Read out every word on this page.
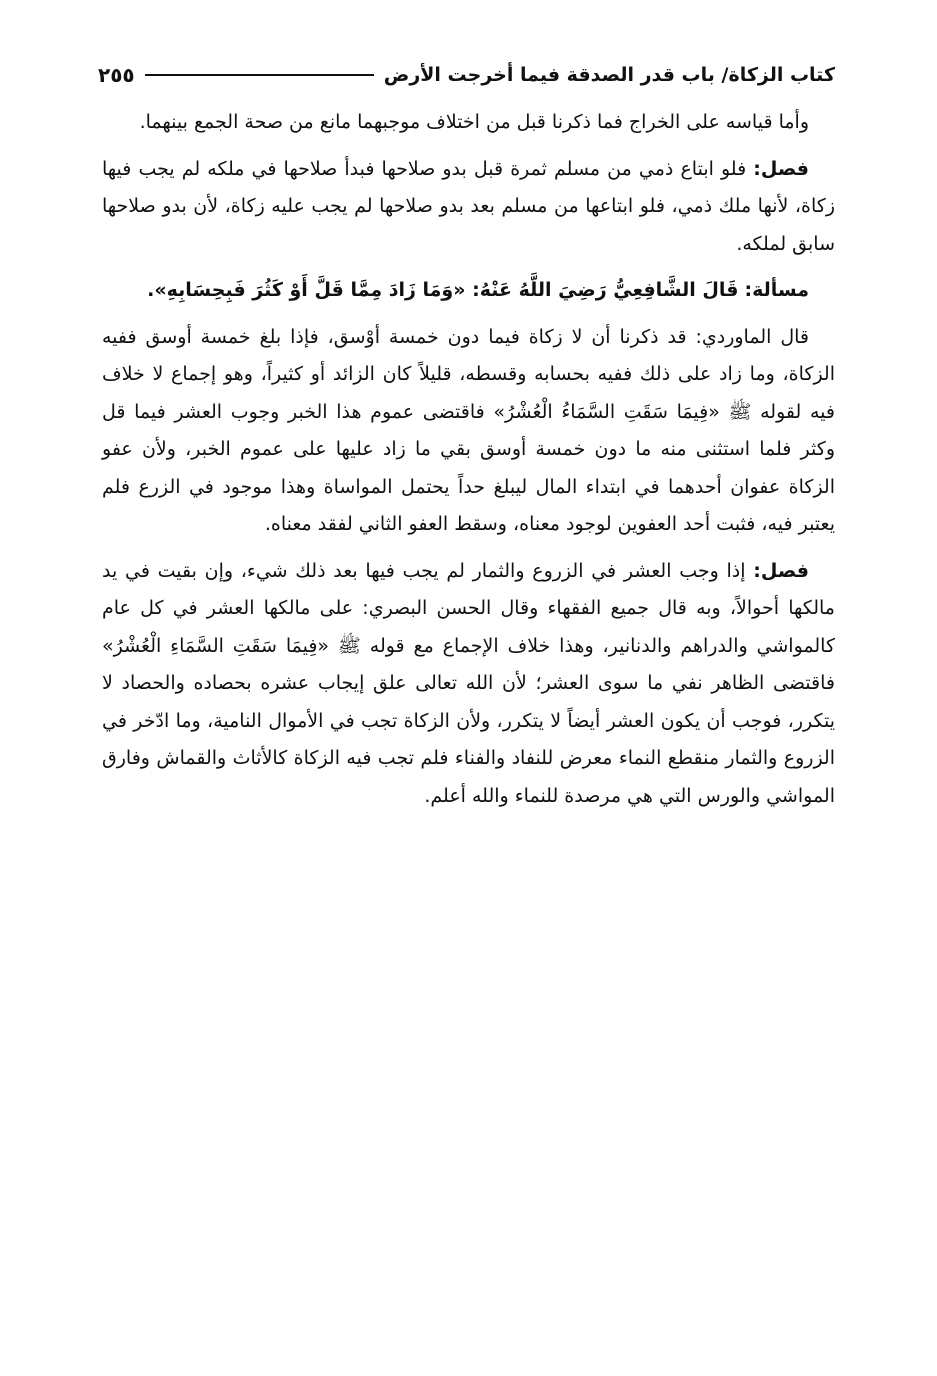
كتاب الزكاة/ باب قدر الصدقة فيما أخرجت الأرض
٢٥٥

وأما قياسه على الخراج فما ذكرنا قبل من اختلاف موجبهما مانع من صحة الجمع بينهما.

فصل: فلو ابتاع ذمي من مسلم ثمرة قبل بدو صلاحها فبدأ صلاحها في ملكه لم يجب فيها زكاة، لأنها ملك ذمي، فلو ابتاعها من مسلم بعد بدو صلاحها لم يجب عليه زكاة، لأن بدو صلاحها سابق لملكه.

مسألة: قَالَ الشَّافِعِيُّ رَضِيَ اللَّهُ عَنْهُ: «وَمَا زَادَ مِمَّا قَلَّ أَوْ كَثُرَ فَبِحِسَابِهِ».

قال الماوردي: قد ذكرنا أن لا زكاة فيما دون خمسة أوْسق، فإذا بلغ خمسة أوسق ففيه الزكاة، وما زاد على ذلك ففيه بحسابه وقسطه، قليلاً كان الزائد أو كثيراً، وهو إجماع لا خلاف فيه لقوله ﷺ «فِيمَا سَقَتِ السَّمَاءُ الْعُشْرُ» فاقتضى عموم هذا الخبر وجوب العشر فيما قل وكثر فلما استثنى منه ما دون خمسة أوسق بقي ما زاد عليها على عموم الخبر، ولأن عفو الزكاة عفوان أحدهما في ابتداء المال ليبلغ حداً يحتمل المواساة وهذا موجود في الزرع فلم يعتبر فيه، فثبت أحد العفوين لوجود معناه، وسقط العفو الثاني لفقد معناه.

فصل: إذا وجب العشر في الزروع والثمار لم يجب فيها بعد ذلك شيء، وإن بقيت في يد مالكها أحوالاً، وبه قال جميع الفقهاء وقال الحسن البصري: على مالكها العشر في كل عام كالمواشي والدراهم والدنانير، وهذا خلاف الإجماع مع قوله ﷺ «فِيمَا سَقَتِ السَّمَاءِ الْعُشْرُ» فاقتضى الظاهر نفي ما سوى العشر؛ لأن الله تعالى علق إيجاب عشره بحصاده والحصاد لا يتكرر، فوجب أن يكون العشر أيضاً لا يتكرر، ولأن الزكاة تجب في الأموال النامية، وما ادّخر في الزروع والثمار منقطع النماء معرض للنفاد والفناء فلم تجب فيه الزكاة كالأثاث والقماش وفارق المواشي والورس التي هي مرصدة للنماء والله أعلم.
